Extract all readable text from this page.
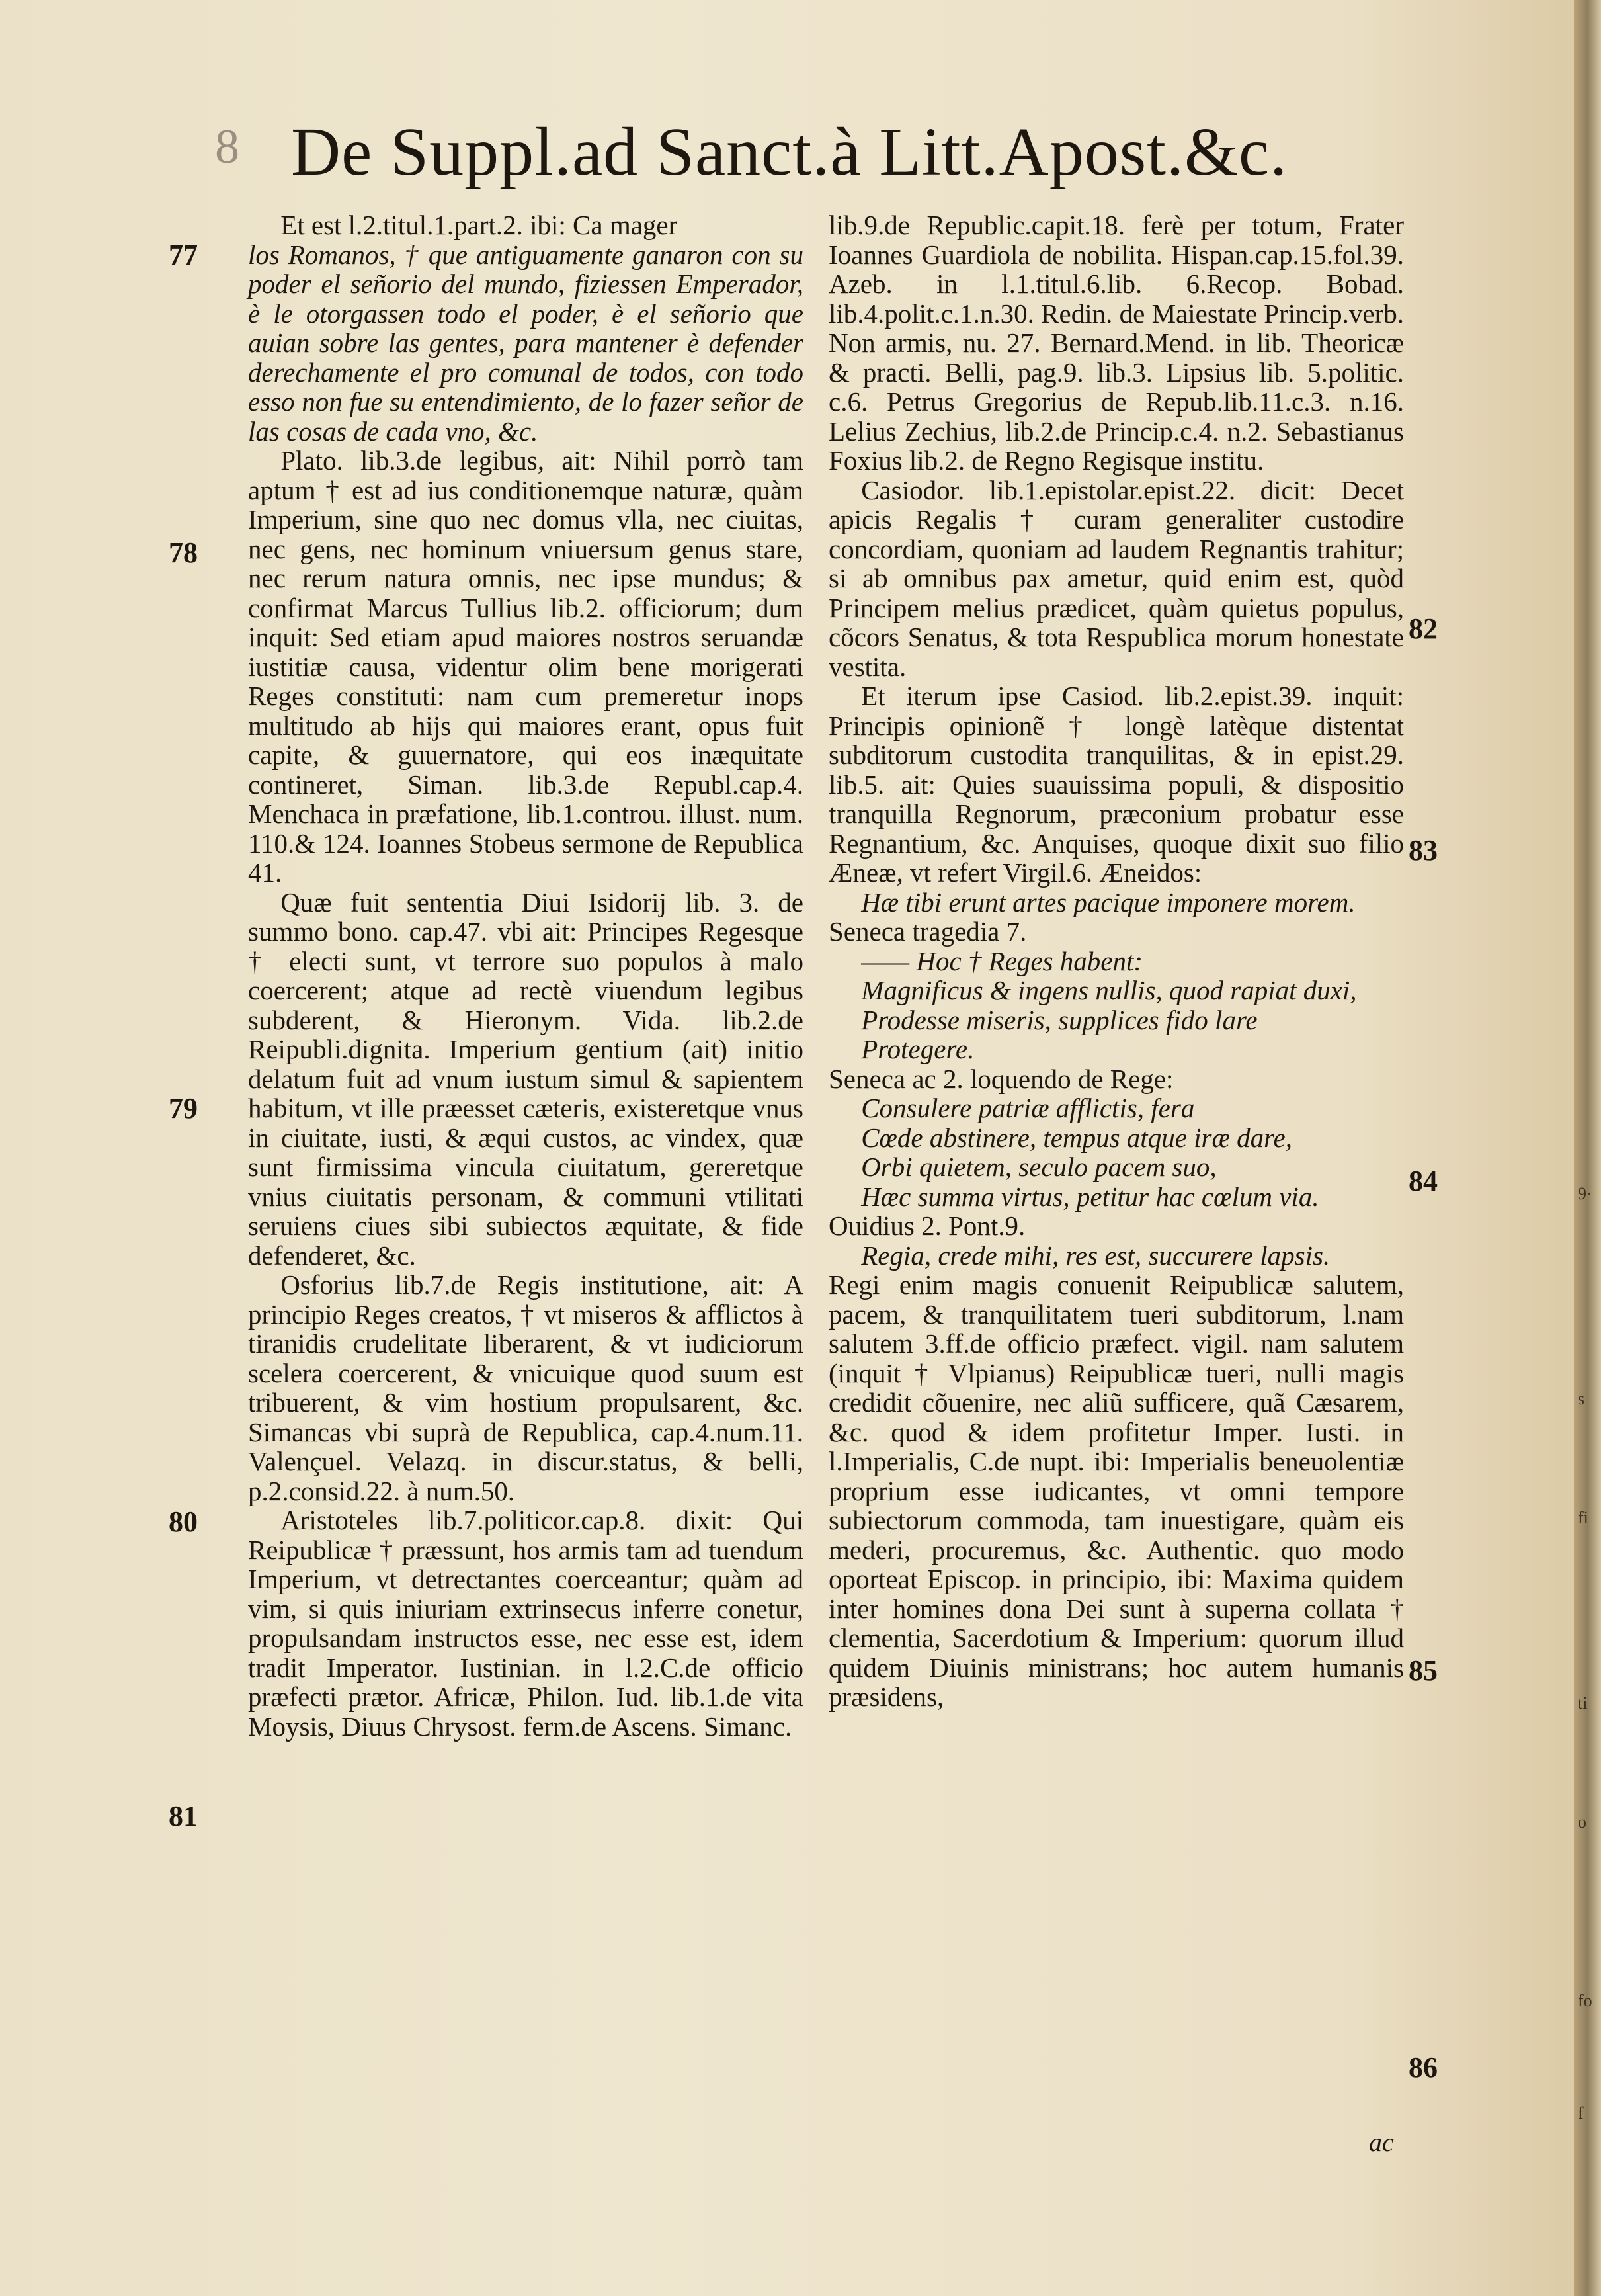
9·
s
fi
ti
o
fo
f
8 De Suppl.ad Sanct.à Litt.Apost.&c.
77
78
79
80
81
82
83
84
85
86

Et est l.2.titul.1.part.2. ibi: Ca mager

los Romanos, † que antiguamente ganaron con su poder el señorio del mundo, fiziessen Emperador, è le otorgassen todo el poder, è el señorio que auian sobre las gentes, para mantener è defender derechamente el pro comunal de todos, con todo esso non fue su entendimiento, de lo fazer señor de las cosas de cada vno, &c.

Plato. lib.3.de legibus, ait: Nihil porrò tam aptum † est ad ius conditionemque naturæ, quàm Imperium, sine quo nec domus vlla, nec ciuitas, nec gens, nec hominum vniuersum genus stare, nec rerum natura omnis, nec ipse mundus; & confirmat Marcus Tullius lib.2. officiorum; dum inquit: Sed etiam apud maiores nostros seruandæ iustitiæ causa, videntur olim bene morigerati Reges constituti: nam cum premeretur inops multitudo ab hijs qui maiores erant, opus fuit capite, & guuernatore, qui eos inæquitate contineret, Siman. lib.3.de Republ.cap.4. Menchaca in præfatione, lib.1.controu. illust. num. 110.& 124. Ioannes Stobeus sermone de Republica 41.

Quæ fuit sententia Diui Isidorij lib. 3. de summo bono. cap.47. vbi ait: Principes Regesque † electi sunt, vt terrore suo populos à malo coercerent; atque ad rectè viuendum legibus subderent, & Hieronym. Vida. lib.2.de Reipubli.dignita. Imperium gentium (ait) initio delatum fuit ad vnum iustum simul & sapientem habitum, vt ille præesset cæteris, existeretque vnus in ciuitate, iusti, & æqui custos, ac vindex, quæ sunt firmissima vincula ciuitatum, gereretque vnius ciuitatis personam, & communi vtilitati seruiens ciues sibi subiectos æquitate, & fide defenderet, &c.

Osforius lib.7.de Regis institutione, ait: A principio Reges creatos, † vt miseros & afflictos à tiranidis crudelitate liberarent, & vt iudiciorum scelera coercerent, & vnicuique quod suum est tribuerent, & vim hostium propulsarent, &c. Simancas vbi suprà de Republica, cap.4.num.11. Valençuel. Velazq. in discur.status, & belli, p.2.consid.22. à num.50.

Aristoteles lib.7.politicor.cap.8. dixit: Qui Reipublicæ † præssunt, hos armis tam ad tuendum Imperium, vt detrectantes coerceantur; quàm ad vim, si quis iniuriam extrinsecus inferre conetur, propulsandam instructos esse, nec esse est, idem tradit Imperator. Iustinian. in l.2.C.de officio præfecti prætor. Africæ, Philon. Iud. lib.1.de vita Moysis, Diuus Chrysost. ferm.de Ascens. Simanc.

lib.9.de Republic.capit.18. ferè per totum, Frater Ioannes Guardiola de nobilita. Hispan.cap.15.fol.39. Azeb. in l.1.titul.6.lib. 6.Recop. Bobad. lib.4.polit.c.1.n.30. Redin. de Maiestate Princip.verb. Non armis, nu. 27. Bernard.Mend. in lib. Theoricæ & practi. Belli, pag.9. lib.3. Lipsius lib. 5.politic. c.6. Petrus Gregorius de Repub.lib.11.c.3. n.16. Lelius Zechius, lib.2.de Princip.c.4. n.2. Sebastianus Foxius lib.2. de Regno Regisque institu.

Casiodor. lib.1.epistolar.epist.22. dicit: Decet apicis Regalis † curam generaliter custodire concordiam, quoniam ad laudem Regnantis trahitur; si ab omnibus pax ametur, quid enim est, quòd Principem melius prædicet, quàm quietus populus, cõcors Senatus, & tota Respublica morum honestate vestita.

Et iterum ipse Casiod. lib.2.epist.39. inquit: Principis opinionẽ † longè latèque distentat subditorum custodita tranquilitas, & in epist.29. lib.5. ait: Quies suauissima populi, & dispositio tranquilla Regnorum, præconium probatur esse Regnantium, &c. Anquises, quoque dixit suo filio Æneæ, vt refert Virgil.6. Æneidos:

Hæ tibi erunt artes pacique imponere morem.

Seneca tragedia 7.

—— Hoc † Reges habent:

Magnificus & ingens nullis, quod rapiat duxi,

Prodesse miseris, supplices fido lare

Protegere.

Seneca ac 2. loquendo de Rege:

Consulere patriæ afflictis, fera

Cœde abstinere, tempus atque iræ dare,

Orbi quietem, seculo pacem suo,

Hæc summa virtus, petitur hac cœlum via.

Ouidius 2. Pont.9.

Regia, crede mihi, res est, succurere lapsis.

Regi enim magis conuenit Reipublicæ salutem, pacem, & tranquilitatem tueri subditorum, l.nam salutem 3.ff.de officio præfect. vigil. nam salutem (inquit † Vlpianus) Reipublicæ tueri, nulli magis credidit cõuenire, nec aliũ sufficere, quã Cæsarem, &c. quod & idem profitetur Imper. Iusti. in l.Imperialis, C.de nupt. ibi: Imperialis beneuolentiæ proprium esse iudicantes, vt omni tempore subiectorum commoda, tam inuestigare, quàm eis mederi, procuremus, &c. Authentic. quo modo oporteat Episcop. in principio, ibi: Maxima quidem inter homines dona Dei sunt à superna collata † clementia, Sacerdotium & Imperium: quorum illud quidem Diuinis ministrans; hoc autem humanis præsidens,

ac
